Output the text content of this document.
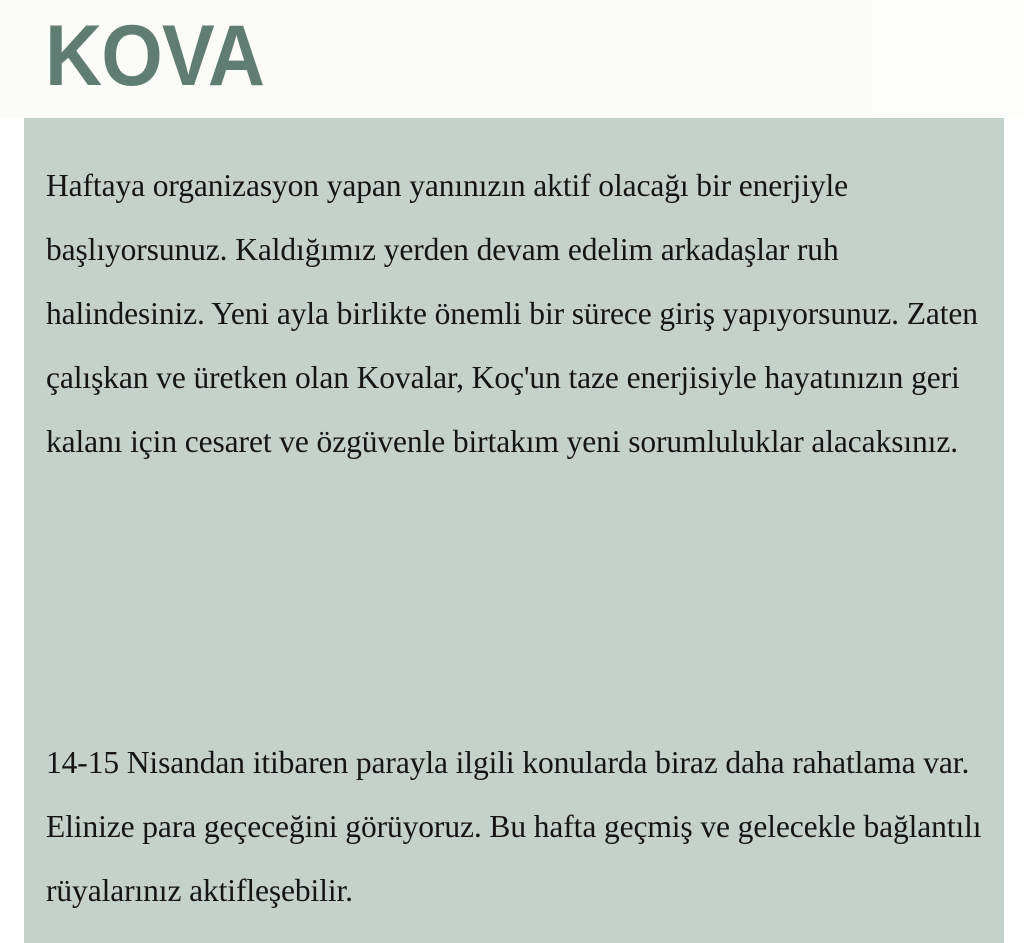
KOVA

Haftaya organizasyon yapan yanınızın aktif olacağı bir enerjiyle başlıyorsunuz. Kaldığımız yerden devam edelim arkadaşlar ruh halindesiniz. Yeni ayla birlikte önemli bir sürece giriş yapıyorsunuz. Zaten çalışkan ve üretken olan Kovalar, Koç'un taze enerjisiyle hayatınızın geri kalanı için cesaret ve özgüvenle birtakım yeni sorumluluklar alacaksınız.

14-15 Nisandan itibaren parayla ilgili konularda biraz daha rahatlama var. Elinize para geçeceğini görüyoruz. Bu hafta geçmiş ve gelecekle bağlantılı rüyalarınız aktifleşebilir.
